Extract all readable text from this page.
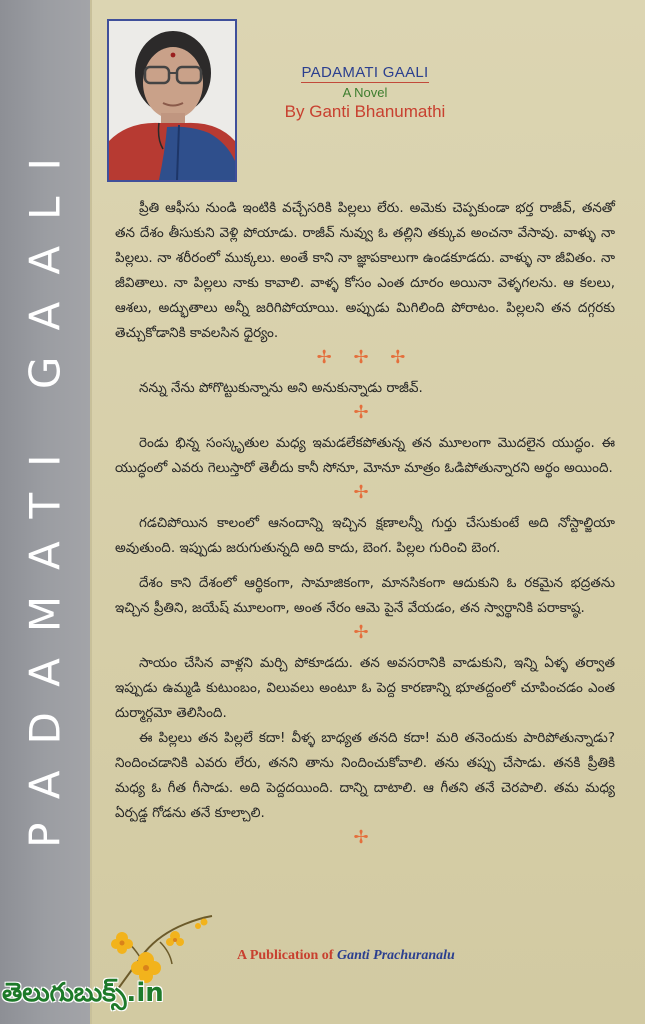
PADAMATI GAALI
PADAMATI GAALI
A Novel
By Ganti Bhanumathi

ప్రీతి ఆఫీసు నుండి ఇంటికి వచ్చేసరికి పిల్లలు లేరు. అమెకు చెప్పకుండా భర్త రాజీవ్, తనతో తన దేశం తీసుకుని వెళ్లి పోయాడు. రాజీవ్ నువ్వు ఓ తల్లిని తక్కువ అంచనా వేసావు. వాళ్ళు నా పిల్లలు. నా శరీరంలో ముక్కలు. అంతే కాని నా జ్ఞాపకాలుగా ఉండకూడదు. వాళ్ళు నా జీవితం. నా జీవితాలు. నా పిల్లలు నాకు కావాలి. వాళ్ళ కోసం ఎంత దూరం అయినా వెళ్ళగలను. ఆ కలలు, ఆశలు, అద్భుతాలు అన్నీ జరిగిపోయాయి. అప్పుడు మిగిలింది పోరాటం. పిల్లలని తన దగ్గరకు తెచ్చుకోడానికి కావలసిన ధైర్యం.

✢ ✢ ✢

నన్ను నేను పోగొట్టుకున్నాను అని అనుకున్నాడు రాజీవ్.

✢

రెండు భిన్న సంస్కృతుల మధ్య ఇమడలేకపోతున్న తన మూలంగా మొదలైన యుద్ధం. ఈ యుద్ధంలో ఎవరు గెలుస్తారో తెలీదు కానీ సోనూ, మోనూ మాత్రం ఓడిపోతున్నారని అర్థం అయింది.

✢

గడచిపోయిన కాలంలో ఆనందాన్ని ఇచ్చిన క్షణాలన్నీ గుర్తు చేసుకుంటే అది నోస్టాల్జియా అవుతుంది. ఇప్పుడు జరుగుతున్నది అది కాదు, బెంగ. పిల్లల గురించి బెంగ.

దేశం కాని దేశంలో ఆర్థికంగా, సామాజికంగా, మానసికంగా ఆదుకుని ఓ రకమైన భద్రతను ఇచ్చిన ప్రీతిని, జయేష్ మూలంగా, అంత నేరం ఆమె పైనే వేయడం, తన స్వార్థానికి పరాకాష్ఠ.

✢

సాయం చేసిన వాళ్లని మర్చి పోకూడదు. తన అవసరానికి వాడుకుని, ఇన్ని ఏళ్ళ తర్వాత ఇప్పుడు ఉమ్మడి కుటుంబం, విలువలు అంటూ ఓ పెద్ద కారణాన్ని భూతద్దంలో చూపించడం ఎంత దుర్మార్గమో తెలిసింది.

ఈ పిల్లలు తన పిల్లలే కదా! వీళ్ళ బాధ్యత తనది కదా! మరి తనెందుకు పారిపోతున్నాడు? నిందించడానికి ఎవరు లేరు, తనని తాను నిందించుకోవాలి. తను తప్పు చేసాడు. తనకి ప్రీతికి మధ్య ఓ గీత గీసాడు. అది పెద్దదయింది. దాన్ని దాటాలి. ఆ గీతని తనే చెరపాలి. తమ మధ్య ఏర్పడ్డ గోడను తనే కూల్చాలి.

✢
A Publication of Ganti Prachuranalu
తెలుగుబుక్స్.in
